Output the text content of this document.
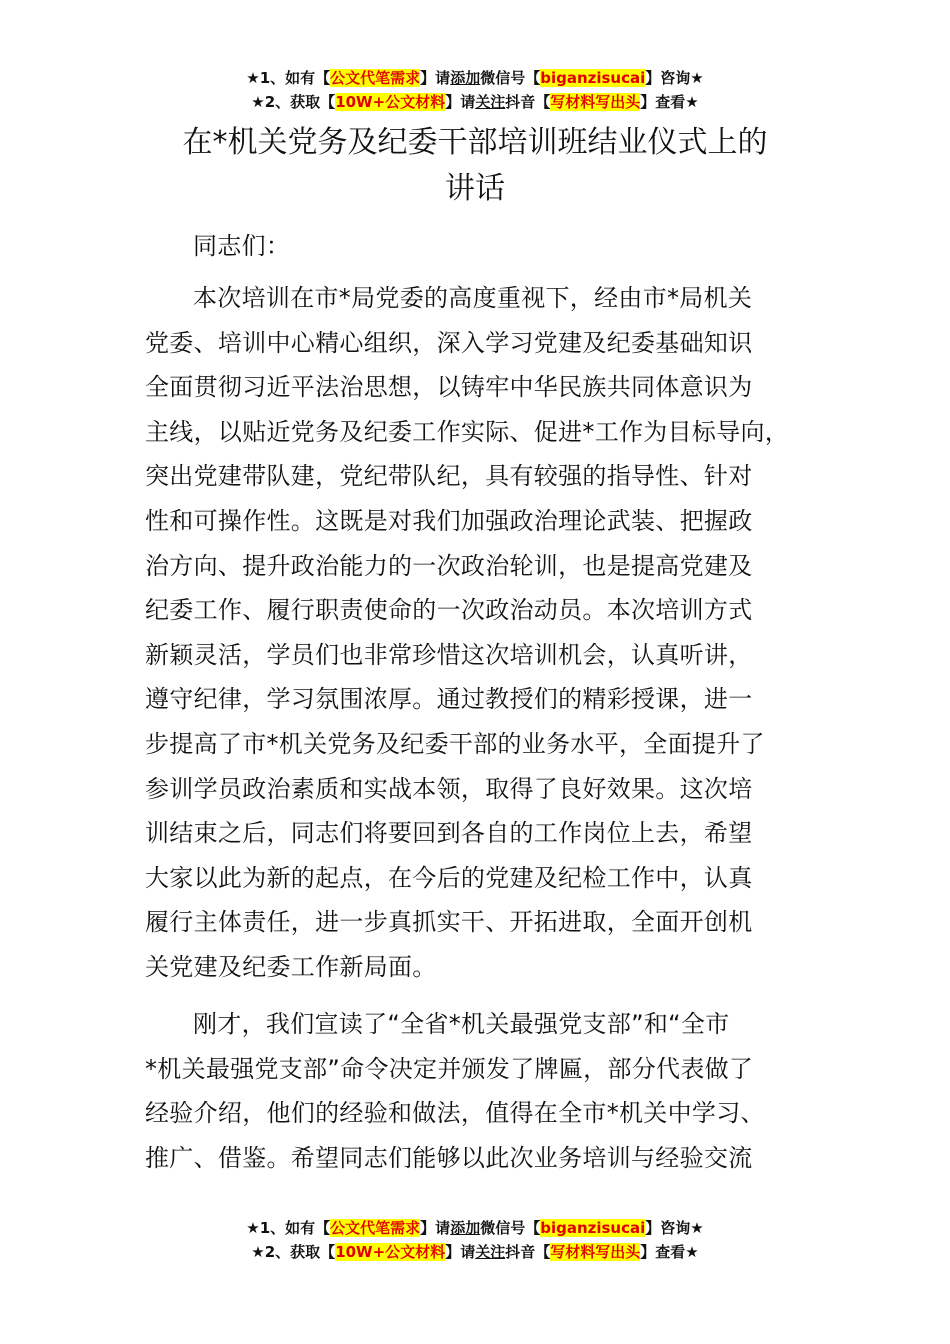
★1、如有【公文代笔需求】请添加微信号【biganzisucai】咨询★
★2、获取【10W+公文材料】请关注抖音【写材料写出头】查看★
在*机关党务及纪委干部培训班结业仪式上的
讲话
同志们：
本次培训在市*局党委的高度重视下，经由市*局机关
党委、培训中心精心组织，深入学习党建及纪委基础知识
全面贯彻习近平法治思想，以铸牢中华民族共同体意识为
主线，以贴近党务及纪委工作实际、促进*工作为目标导向，
突出党建带队建，党纪带队纪，具有较强的指导性、针对
性和可操作性。这既是对我们加强政治理论武装、把握政
治方向、提升政治能力的一次政治轮训，也是提高党建及
纪委工作、履行职责使命的一次政治动员。本次培训方式
新颖灵活，学员们也非常珍惜这次培训机会，认真听讲，
遵守纪律，学习氛围浓厚。通过教授们的精彩授课，进一
步提高了市*机关党务及纪委干部的业务水平，全面提升了
参训学员政治素质和实战本领，取得了良好效果。这次培
训结束之后，同志们将要回到各自的工作岗位上去，希望
大家以此为新的起点，在今后的党建及纪检工作中，认真
履行主体责任，进一步真抓实干、开拓进取，全面开创机
关党建及纪委工作新局面。
刚才，我们宣读了“全省*机关最强党支部”和“全市
*机关最强党支部”命令决定并颁发了牌匾，部分代表做了
经验介绍，他们的经验和做法，值得在全市*机关中学习、
推广、借鉴。希望同志们能够以此次业务培训与经验交流
★1、如有【公文代笔需求】请添加微信号【biganzisucai】咨询★
★2、获取【10W+公文材料】请关注抖音【写材料写出头】查看★
